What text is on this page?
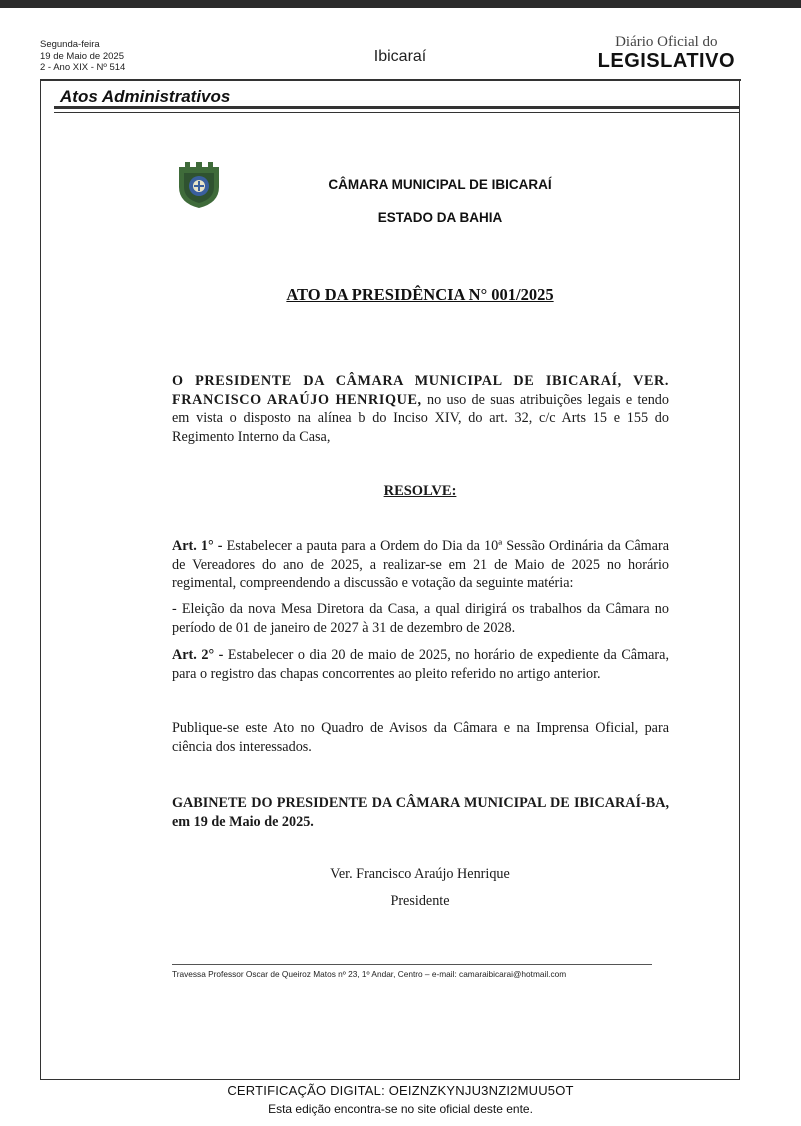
Segunda-feira
19 de Maio de 2025
2 - Ano XIX - Nº 514
Ibicaraí
Diário Oficial do
LEGISLATIVO
Atos Administrativos
CÂMARA MUNICIPAL DE IBICARAÍ
ESTADO DA BAHIA
ATO DA PRESIDÊNCIA N° 001/2025
O PRESIDENTE DA CÂMARA MUNICIPAL DE IBICARAÍ, VER. FRANCISCO ARAÚJO HENRIQUE, no uso de suas atribuições legais e tendo em vista o disposto na alínea b do Inciso XIV, do art. 32, c/c Arts 15 e 155 do Regimento Interno da Casa,
RESOLVE:
Art. 1° - Estabelecer a pauta para a Ordem do Dia da 10ª Sessão Ordinária da Câmara de Vereadores do ano de 2025, a realizar-se em 21 de Maio de 2025 no horário regimental, compreendendo a discussão e votação da seguinte matéria:
- Eleição da nova Mesa Diretora da Casa, a qual dirigirá os trabalhos da Câmara no período de 01 de janeiro de 2027 à 31 de dezembro de 2028.
Art. 2° - Estabelecer o dia 20 de maio de 2025, no horário de expediente da Câmara, para o registro das chapas concorrentes ao pleito referido no artigo anterior.
Publique-se este Ato no Quadro de Avisos da Câmara e na Imprensa Oficial, para ciência dos interessados.
GABINETE DO PRESIDENTE DA CÂMARA MUNICIPAL DE IBICARAÍ-BA, em 19 de Maio de 2025.
Ver. Francisco Araújo Henrique
Presidente
Travessa Professor Oscar de Queiroz Matos nº 23, 1º Andar, Centro – e-mail: camaraibicarai@hotmail.com
CERTIFICAÇÃO DIGITAL: OEIZNZKYNJU3NZI2MUU5OT
Esta edição encontra-se no site oficial deste ente.
